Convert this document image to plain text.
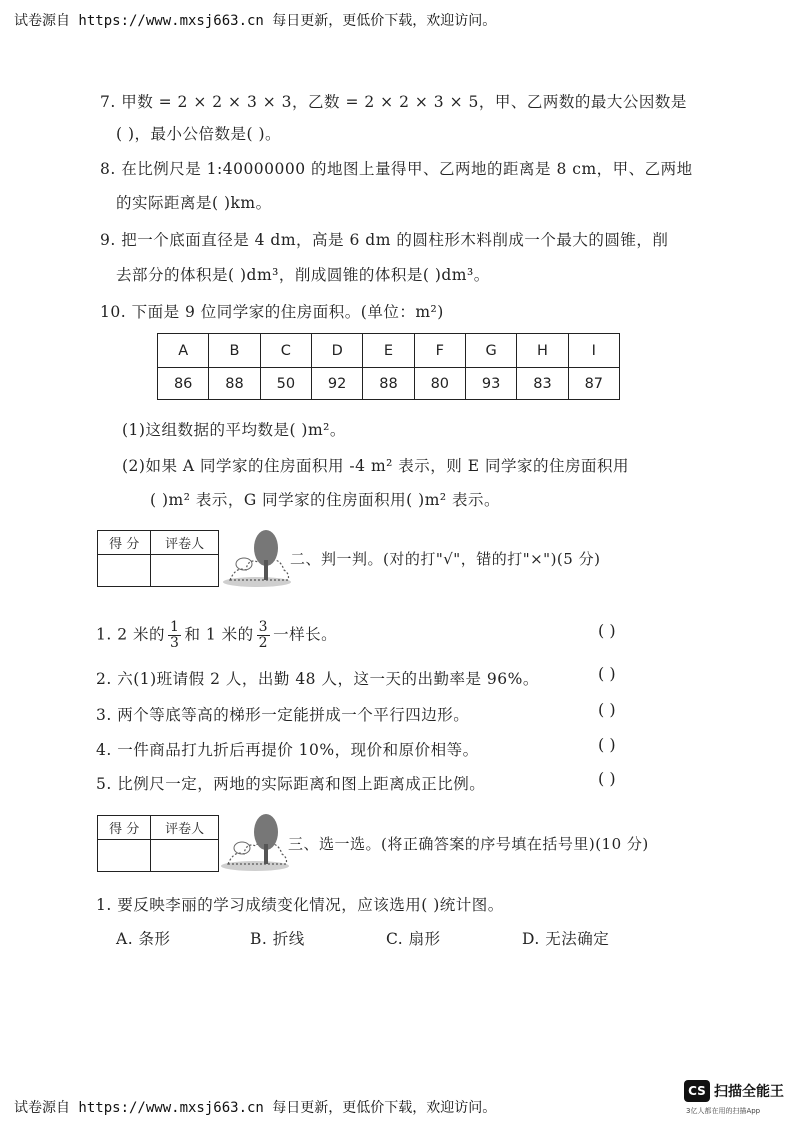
试卷源自 https://www.mxsj663.cn 每日更新，更低价下载，欢迎访问。
7. 甲数 = 2 × 2 × 3 × 3，乙数 = 2 × 2 × 3 × 5，甲、乙两数的最大公因数是
( )，最小公倍数是( )。
8. 在比例尺是 1:40000000 的地图上量得甲、乙两地的距离是 8 cm，甲、乙两地
的实际距离是( )km。
9. 把一个底面直径是 4 dm，高是 6 dm 的圆柱形木料削成一个最大的圆锥，削
去部分的体积是( )dm³，削成圆锥的体积是( )dm³。
10. 下面是 9 位同学家的住房面积。(单位：m²)
A	B	C	D	E	F	G	H	I
86	88	50	92	88	80	93	83	87
(1)这组数据的平均数是( )m²。
(2)如果 A 同学家的住房面积用 -4 m² 表示，则 E 同学家的住房面积用
( )m² 表示，G 同学家的住房面积用( )m² 表示。
得 分	评卷人

二、判一判。(对的打"√"，错的打"×")(5 分)
1. 2 米的 $\frac{1}{3}$ 和 1 米的 $\frac{3}{2}$ 一样长。	( )
2. 六(1)班请假 2 人，出勤 48 人，这一天的出勤率是 96%。	( )
3. 两个等底等高的梯形一定能拼成一个平行四边形。	( )
4. 一件商品打九折后再提价 10%，现价和原价相等。	( )
5. 比例尺一定，两地的实际距离和图上距离成正比例。	( )
得 分	评卷人

三、选一选。(将正确答案的序号填在括号里)(10 分)
1. 要反映李丽的学习成绩变化情况，应该选用( )统计图。
A. 条形	B. 折线	C. 扇形	D. 无法确定
试卷源自 https://www.mxsj663.cn 每日更新，更低价下载，欢迎访问。
CS 扫描全能王
3亿人都在用的扫描App
